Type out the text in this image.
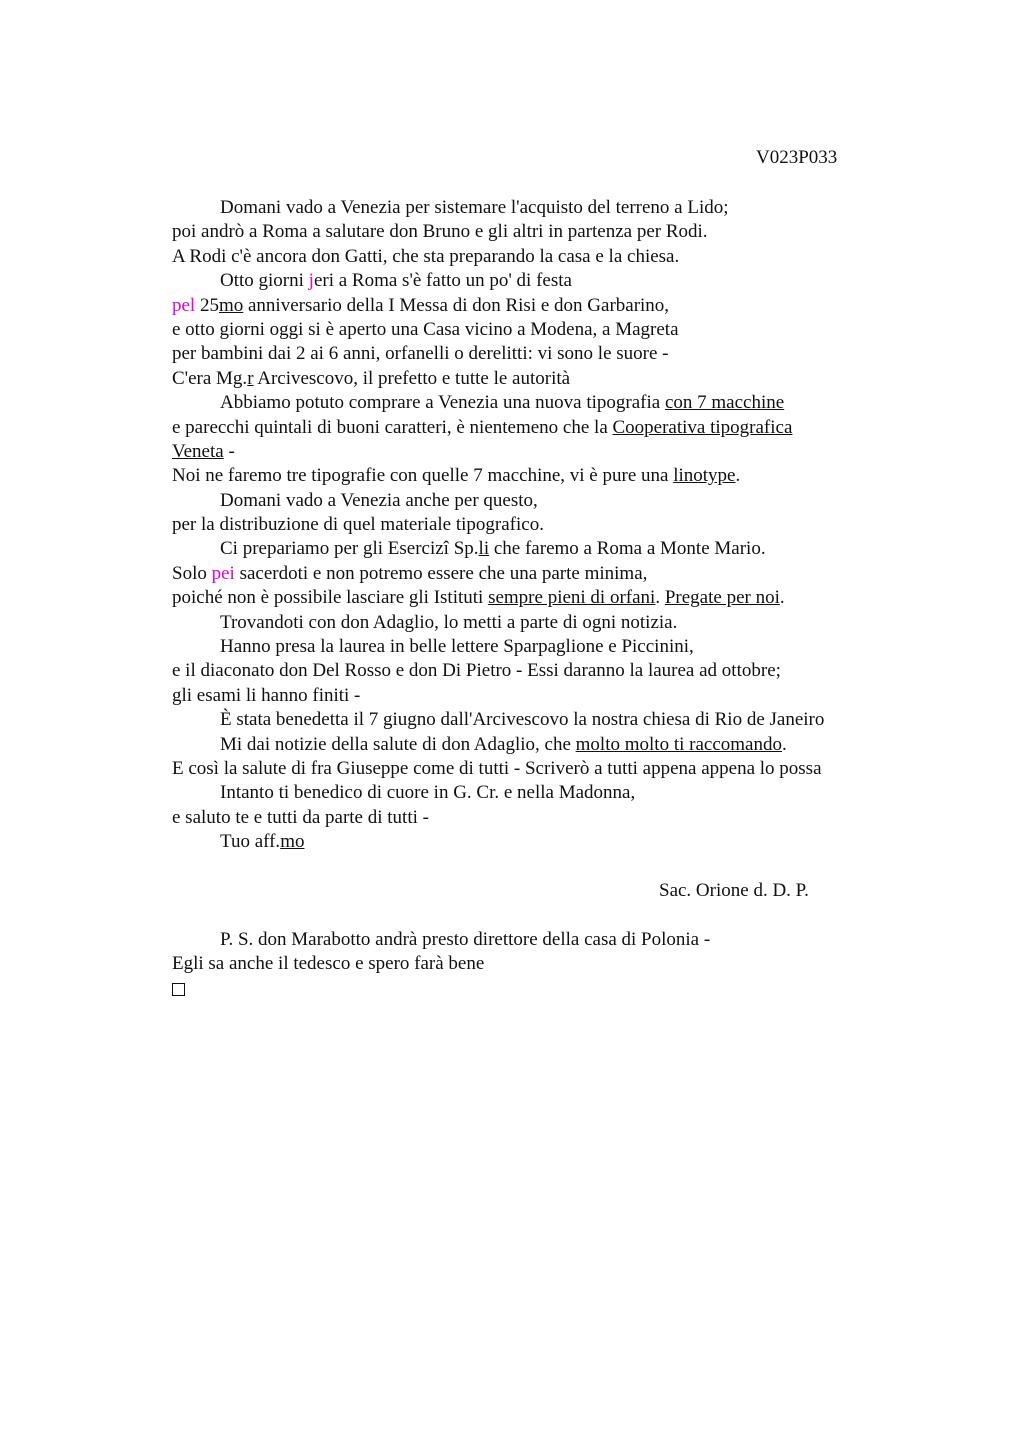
V023P033
Domani vado a Venezia per sistemare l'acquisto del terreno a Lido;
poi andrò a Roma a salutare don Bruno e gli altri in partenza per Rodi.
A Rodi c'è ancora don Gatti, che sta preparando la casa e la chiesa.
Otto giorni jeri a Roma s'è fatto un po' di festa
pel 25mo anniversario della I Messa di don Risi e don Garbarino,
e otto giorni oggi si è aperto una Casa vicino a Modena, a Magreta
per bambini dai 2 ai 6 anni, orfanelli o derelitti: vi sono le suore -
C'era Mg.r Arcivescovo, il prefetto e tutte le autorità
Abbiamo potuto comprare a Venezia una nuova tipografia con 7 macchine
e parecchi quintali di buoni caratteri, è nientemeno che la Cooperativa tipografica
Veneta -
Noi ne faremo tre tipografie con quelle 7 macchine, vi è pure una linotype.
Domani vado a Venezia anche per questo,
per la distribuzione di quel materiale tipografico.
Ci prepariamo per gli Esercizi Sp.li che faremo a Roma a Monte Mario.
Solo pei sacerdoti e non potremo essere che una parte minima,
poiché non è possibile lasciare gli Istituti sempre pieni di orfani. Pregate per noi.
Trovandoti con don Adaglio, lo metti a parte di ogni notizia.
Hanno presa la laurea in belle lettere Sparpaglione e Piccinini,
e il diaconato don Del Rosso e don Di Pietro - Essi daranno la laurea ad ottobre;
gli esami li hanno finiti -
È stata benedetta il 7 giugno dall'Arcivescovo la nostra chiesa di Rio de Janeiro
Mi dai notizie della salute di don Adaglio, che molto molto ti raccomando.
E così la salute di fra Giuseppe come di tutti - Scriverò a tutti appena appena lo possa
Intanto ti benedico di cuore in G. Cr. e nella Madonna,
e saluto te e tutti da parte di tutti -
Tuo aff.mo
Sac. Orione d. D. P.
P. S. don Marabotto andrà presto direttore della casa di Polonia -
Egli sa anche il tedesco e spero farà bene
